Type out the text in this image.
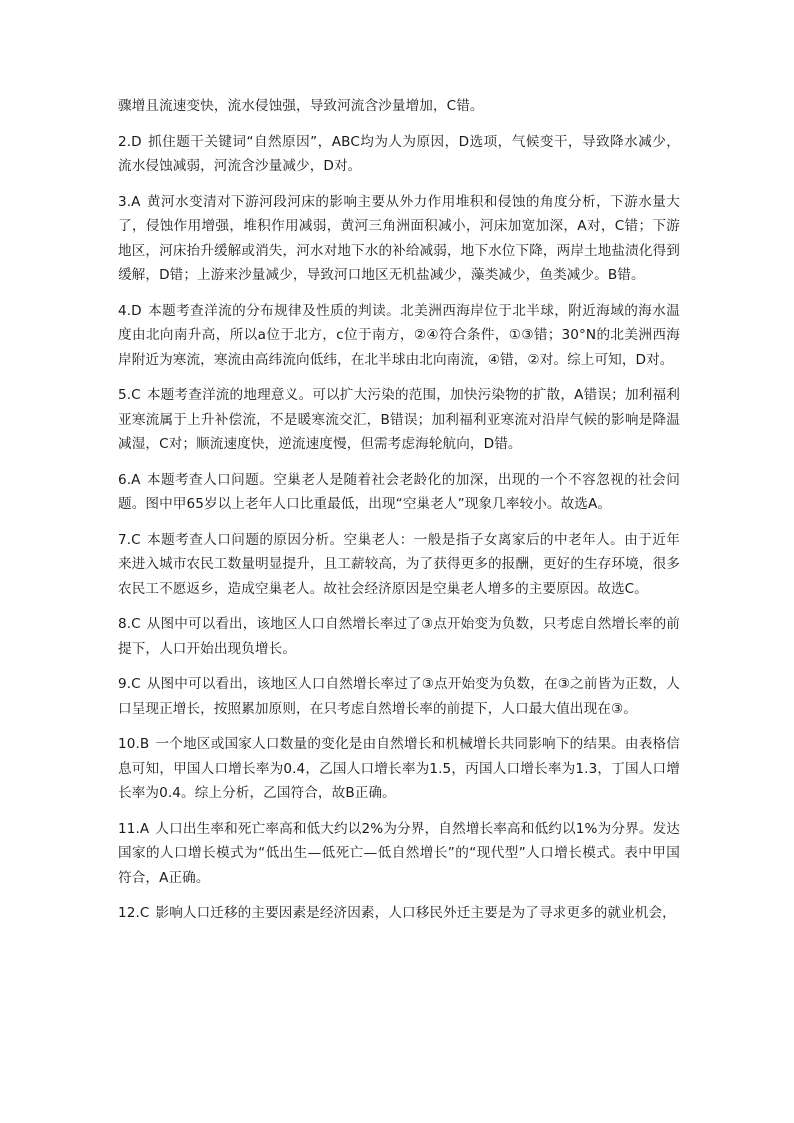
骤增且流速变快，流水侵蚀强，导致河流含沙量增加，C错。

2.D 抓住题干关键词“自然原因”，ABC均为人为原因，D选项，气候变干，导致降水减少，流水侵蚀减弱，河流含沙量减少，D对。

3.A 黄河水变清对下游河段河床的影响主要从外力作用堆积和侵蚀的角度分析，下游水量大了，侵蚀作用增强，堆积作用减弱，黄河三角洲面积减小，河床加宽加深，A对，C错；下游地区，河床抬升缓解或消失，河水对地下水的补给减弱，地下水位下降，两岸土地盐渍化得到缓解，D错；上游来沙量减少，导致河口地区无机盐减少，藻类减少，鱼类减少。B错。

4.D 本题考查洋流的分布规律及性质的判读。北美洲西海岸位于北半球，附近海域的海水温度由北向南升高，所以a位于北方，c位于南方，②④符合条件，①③错；30°N的北美洲西海岸附近为寒流，寒流由高纬流向低纬，在北半球由北向南流，④错，②对。综上可知，D对。

5.C 本题考查洋流的地理意义。可以扩大污染的范围，加快污染物的扩散，A错误；加利福利亚寒流属于上升补偿流，不是暖寒流交汇，B错误；加利福利亚寒流对沿岸气候的影响是降温减湿，C对；顺流速度快，逆流速度慢，但需考虑海轮航向，D错。

6.A 本题考查人口问题。空巢老人是随着社会老龄化的加深，出现的一个不容忽视的社会问题。图中甲65岁以上老年人口比重最低，出现“空巢老人”现象几率较小。故选A。

7.C 本题考查人口问题的原因分析。空巢老人：一般是指子女离家后的中老年人。由于近年来进入城市农民工数量明显提升，且工薪较高，为了获得更多的报酬，更好的生存环境，很多农民工不愿返乡，造成空巢老人。故社会经济原因是空巢老人增多的主要原因。故选C。

8.C 从图中可以看出，该地区人口自然增长率过了③点开始变为负数，只考虑自然增长率的前提下，人口开始出现负增长。

9.C 从图中可以看出，该地区人口自然增长率过了③点开始变为负数，在③之前皆为正数，人口呈现正增长，按照累加原则，在只考虑自然增长率的前提下，人口最大值出现在③。

10.B 一个地区或国家人口数量的变化是由自然增长和机械增长共同影响下的结果。由表格信息可知，甲国人口增长率为0.4，乙国人口增长率为1.5，丙国人口增长率为1.3，丁国人口增长率为0.4。综上分析，乙国符合，故B正确。

11.A 人口出生率和死亡率高和低大约以2%为分界，自然增长率高和低约以1%为分界。发达国家的人口增长模式为“低出生—低死亡—低自然增长”的“现代型”人口增长模式。表中甲国符合，A正确。

12.C 影响人口迁移的主要因素是经济因素，人口移民外迁主要是为了寻求更多的就业机会，
